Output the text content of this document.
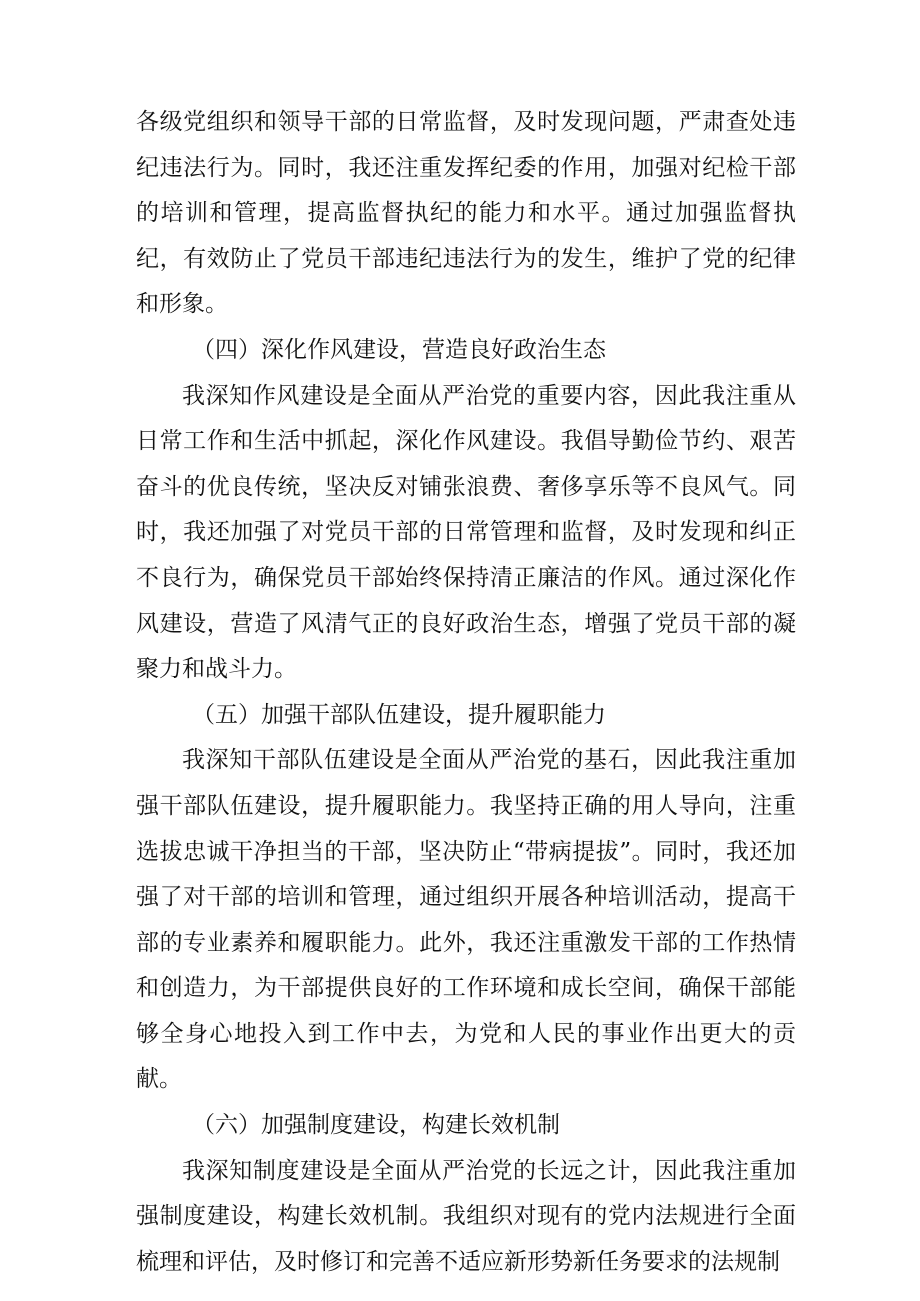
各级党组织和领导干部的日常监督，及时发现问题，严肃查处违纪违法行为。同时，我还注重发挥纪委的作用，加强对纪检干部的培训和管理，提高监督执纪的能力和水平。通过加强监督执纪，有效防止了党员干部违纪违法行为的发生，维护了党的纪律和形象。

（四）深化作风建设，营造良好政治生态

我深知作风建设是全面从严治党的重要内容，因此我注重从日常工作和生活中抓起，深化作风建设。我倡导勤俭节约、艰苦奋斗的优良传统，坚决反对铺张浪费、奢侈享乐等不良风气。同时，我还加强了对党员干部的日常管理和监督，及时发现和纠正不良行为，确保党员干部始终保持清正廉洁的作风。通过深化作风建设，营造了风清气正的良好政治生态，增强了党员干部的凝聚力和战斗力。

（五）加强干部队伍建设，提升履职能力

我深知干部队伍建设是全面从严治党的基石，因此我注重加强干部队伍建设，提升履职能力。我坚持正确的用人导向，注重选拔忠诚干净担当的干部，坚决防止“带病提拔”。同时，我还加强了对干部的培训和管理，通过组织开展各种培训活动，提高干部的专业素养和履职能力。此外，我还注重激发干部的工作热情和创造力，为干部提供良好的工作环境和成长空间，确保干部能够全身心地投入到工作中去，为党和人民的事业作出更大的贡献。

（六）加强制度建设，构建长效机制

我深知制度建设是全面从严治党的长远之计，因此我注重加强制度建设，构建长效机制。我组织对现有的党内法规进行全面梳理和评估，及时修订和完善不适应新形势新任务要求的法规制
